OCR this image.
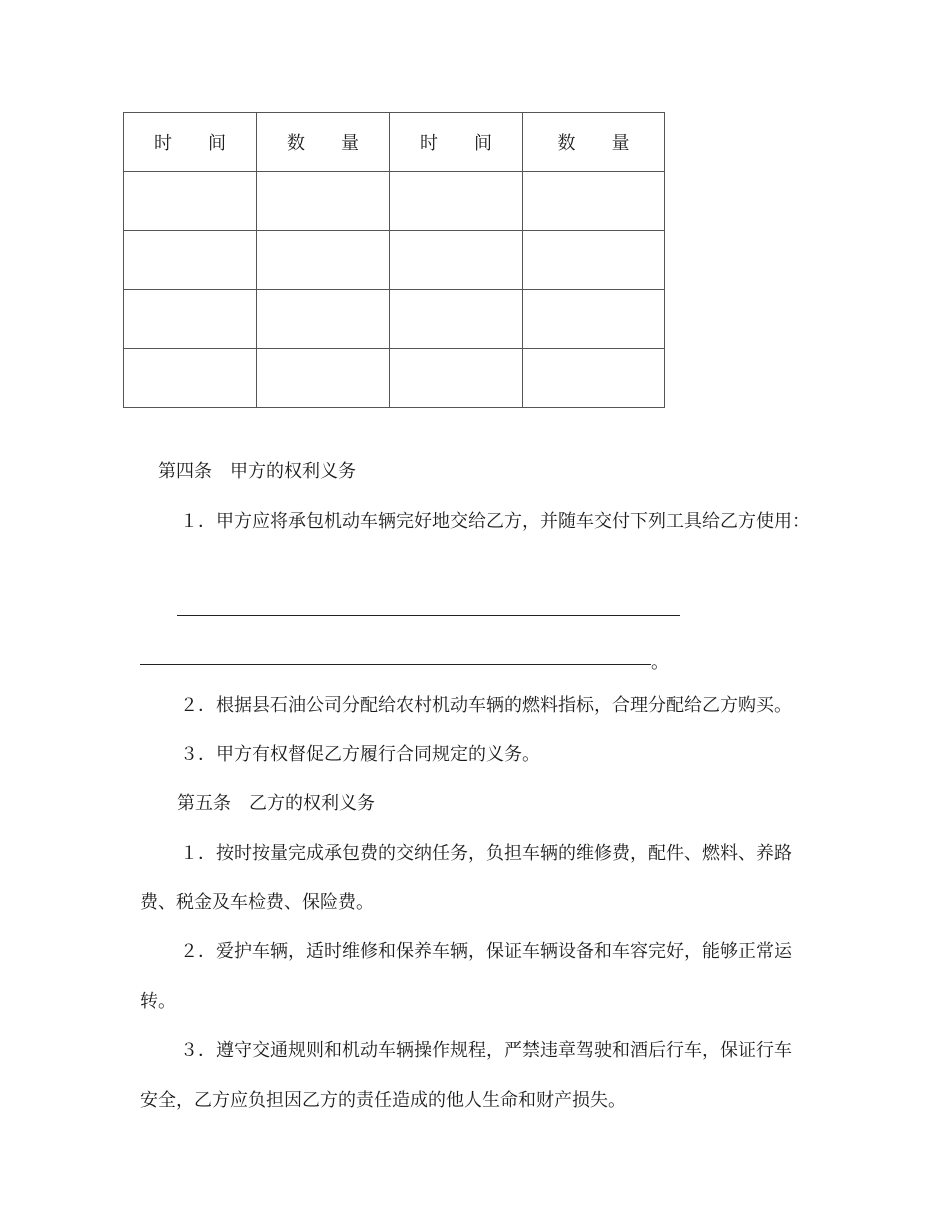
时　　间	数　　量	时　　间	数　　量

第四条　甲方的权利义务
１．甲方应将承包机动车辆完好地交给乙方，并随车交付下列工具给乙方使用：
。
２．根据县石油公司分配给农村机动车辆的燃料指标，合理分配给乙方购买。
３．甲方有权督促乙方履行合同规定的义务。
第五条　乙方的权利义务
１．按时按量完成承包费的交纳任务，负担车辆的维修费，配件、燃料、养路
费、税金及车检费、保险费。
２．爱护车辆，适时维修和保养车辆，保证车辆设备和车容完好，能够正常运
转。
３．遵守交通规则和机动车辆操作规程，严禁违章驾驶和酒后行车，保证行车
安全，乙方应负担因乙方的责任造成的他人生命和财产损失。
